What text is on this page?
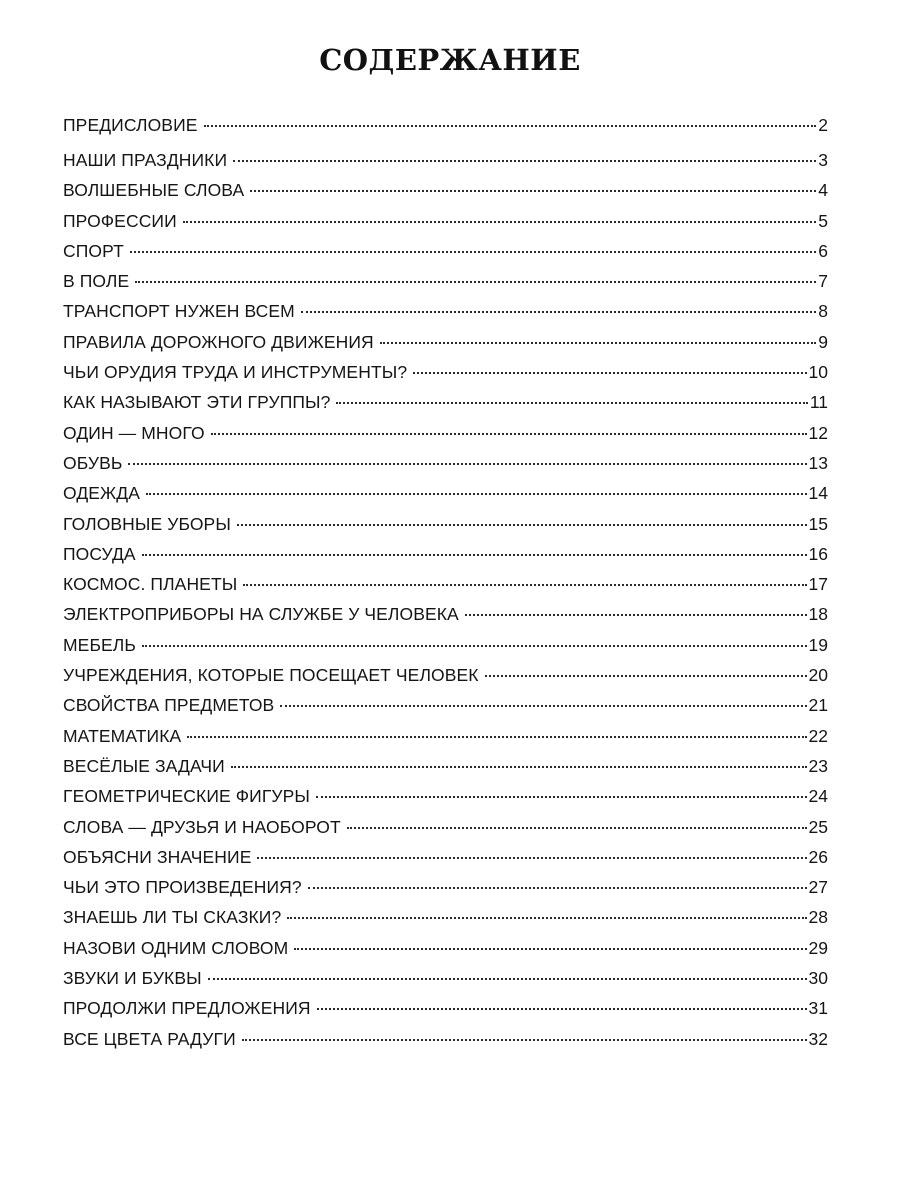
СОДЕРЖАНИЕ
ПРЕДИСЛОВИЕ	2
НАШИ ПРАЗДНИКИ	3
ВОЛШЕБНЫЕ СЛОВА	4
ПРОФЕССИИ	5
СПОРТ	6
В ПОЛЕ	7
ТРАНСПОРТ НУЖЕН ВСЕМ	8
ПРАВИЛА ДОРОЖНОГО ДВИЖЕНИЯ	9
ЧЬИ ОРУДИЯ ТРУДА И ИНСТРУМЕНТЫ?	10
КАК НАЗЫВАЮТ ЭТИ ГРУППЫ?	11
ОДИН — МНОГО	12
ОБУВЬ	13
ОДЕЖДА	14
ГОЛОВНЫЕ УБОРЫ	15
ПОСУДА	16
КОСМОС. ПЛАНЕТЫ	17
ЭЛЕКТРОПРИБОРЫ НА СЛУЖБЕ У ЧЕЛОВЕКА	18
МЕБЕЛЬ	19
УЧРЕЖДЕНИЯ, КОТОРЫЕ ПОСЕЩАЕТ ЧЕЛОВЕК	20
СВОЙСТВА ПРЕДМЕТОВ	21
МАТЕМАТИКА	22
ВЕСЁЛЫЕ ЗАДАЧИ	23
ГЕОМЕТРИЧЕСКИЕ ФИГУРЫ	24
СЛОВА — ДРУЗЬЯ И НАОБОРОТ	25
ОБЪЯСНИ ЗНАЧЕНИЕ	26
ЧЬИ ЭТО ПРОИЗВЕДЕНИЯ?	27
ЗНАЕШЬ ЛИ ТЫ СКАЗКИ?	28
НАЗОВИ ОДНИМ СЛОВОМ	29
ЗВУКИ И БУКВЫ	30
ПРОДОЛЖИ ПРЕДЛОЖЕНИЯ	31
ВСЕ ЦВЕТА РАДУГИ	32
